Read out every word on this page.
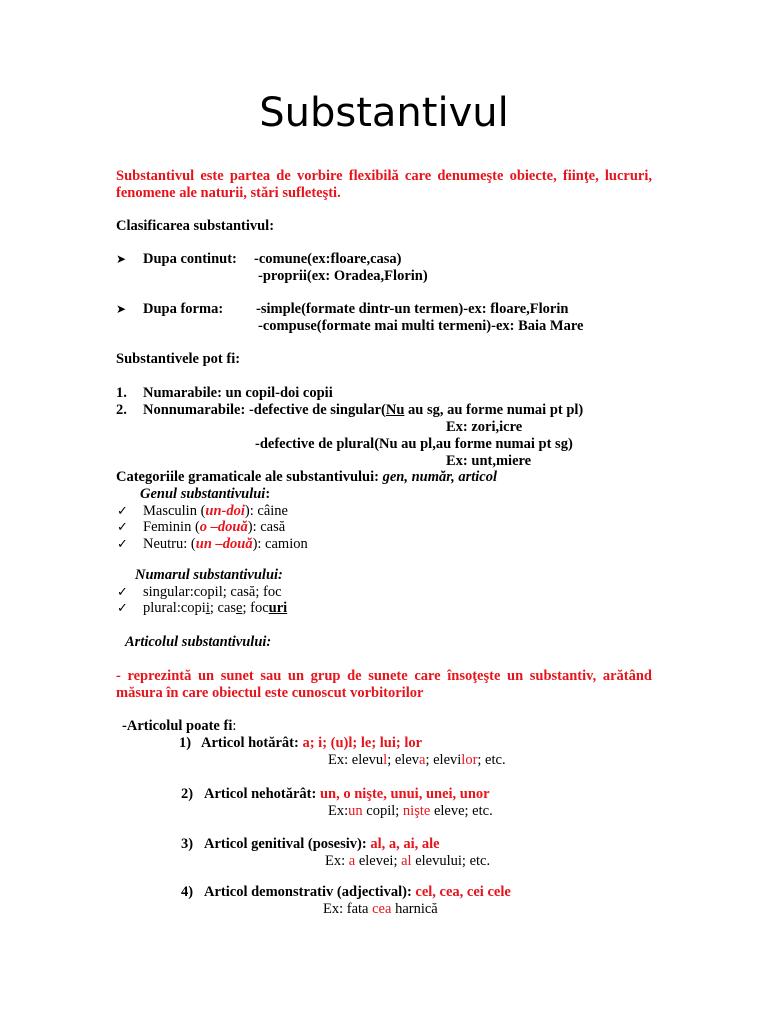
Substantivul
Substantivul este partea de vorbire flexibilă care denumeşte obiecte, fiinţe, lucruri, fenomene ale naturii, stări sufleteşti.
Clasificarea substantivul:
➤ Dupa continut: -comune(ex:floare,casa)
-proprii(ex: Oradea,Florin)
➤ Dupa forma: -simple(formate dintr-un termen)-ex: floare,Florin
-compuse(formate mai multi termeni)-ex: Baia Mare
Substantivele pot fi:
1. Numarabile: un copil-doi copii
2. Nonnumarabile: -defective de singular(Nu au sg, au forme numai pt pl)
Ex: zori,icre
-defective de plural(Nu au pl,au forme numai pt sg)
Ex: unt,miere
Categoriile gramaticale ale substantivului: gen, număr, articol
Genul substantivului:
✓ Masculin (un-doi): câine
✓ Feminin (o –două): casă
✓ Neutru: (un –două): camion
Numarul substantivului:
✓ singular:copil; casă; foc
✓ plural:copii; case; focuri
Articolul substantivului:
- reprezintă un sunet sau un grup de sunete care însoţeşte un substantiv, arătând măsura în care obiectul este cunoscut vorbitorilor
-Articolul poate fi:
1) Articol hotărât: a; i; (u)l; le; lui; lor
Ex: elevul; eleva; elevilor; etc.
2) Articol nehotărât: un, o nişte, unui, unei, unor
Ex:un copil; nişte eleve; etc.
3) Articol genitival (posesiv): al, a, ai, ale
Ex: a elevei; al elevului; etc.
4) Articol demonstrativ (adjectival): cel, cea, cei cele
Ex: fata cea harnică
